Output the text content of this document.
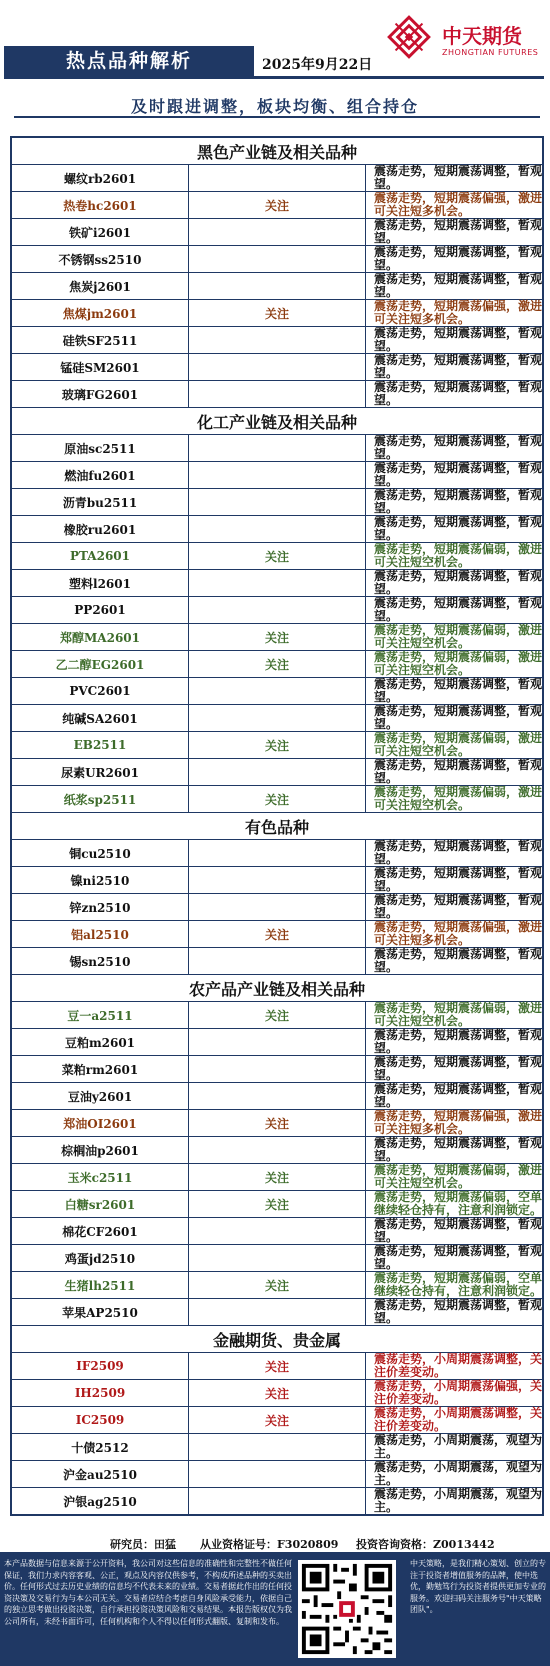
热点品种解析	2025年9月22日
中天期货
ZHONGTIAN FUTURES
及时跟进调整，板块均衡、组合持仓
黑色产业链及相关品种		
螺纹rb2601		震荡走势，短期震荡调整，暂观望。
热卷hc2601	关注	震荡走势，短期震荡偏强，激进可关注短多机会。
铁矿i2601		震荡走势，短期震荡调整，暂观望。
不锈钢ss2510		震荡走势，短期震荡调整，暂观望。
焦炭j2601		震荡走势，短期震荡调整，暂观望。
焦煤jm2601	关注	震荡走势，短期震荡偏强，激进可关注短多机会。
硅铁SF2511		震荡走势，短期震荡调整，暂观望。
锰硅SM2601		震荡走势，短期震荡调整，暂观望。
玻璃FG2601		震荡走势，短期震荡调整，暂观望。
化工产业链及相关品种		
原油sc2511		震荡走势，短期震荡调整，暂观望。
燃油fu2601		震荡走势，短期震荡调整，暂观望。
沥青bu2511		震荡走势，短期震荡调整，暂观望。
橡胶ru2601		震荡走势，短期震荡调整，暂观望。
PTA2601	关注	震荡走势，短期震荡偏弱，激进可关注短空机会。
塑料l2601		震荡走势，短期震荡调整，暂观望。
PP2601		震荡走势，短期震荡调整，暂观望。
郑醇MA2601	关注	震荡走势，短期震荡偏弱，激进可关注短空机会。
乙二醇EG2601	关注	震荡走势，短期震荡偏弱，激进可关注短空机会。
PVC2601		震荡走势，短期震荡调整，暂观望。
纯碱SA2601		震荡走势，短期震荡调整，暂观望。
EB2511	关注	震荡走势，短期震荡偏弱，激进可关注短空机会。
尿素UR2601		震荡走势，短期震荡调整，暂观望。
纸浆sp2511	关注	震荡走势，短期震荡偏弱，激进可关注短空机会。
有色品种		
铜cu2510		震荡走势，短期震荡调整，暂观望。
镍ni2510		震荡走势，短期震荡调整，暂观望。
锌zn2510		震荡走势，短期震荡调整，暂观望。
铝al2510	关注	震荡走势，短期震荡偏强，激进可关注短多机会。
锡sn2510		震荡走势，短期震荡调整，暂观望。
农产品产业链及相关品种		
豆一a2511	关注	震荡走势，短期震荡偏弱，激进可关注短空机会。
豆粕m2601		震荡走势，短期震荡调整，暂观望。
菜粕rm2601		震荡走势，短期震荡调整，暂观望。
豆油y2601		震荡走势，短期震荡调整，暂观望。
郑油OI2601	关注	震荡走势，短期震荡偏强，激进可关注短多机会。
棕榈油p2601		震荡走势，短期震荡调整，暂观望。
玉米c2511	关注	震荡走势，短期震荡偏弱，激进可关注短空机会。
白糖sr2601	关注	震荡走势，短期震荡偏弱，空单继续轻仓持有，注意利润锁定。
棉花CF2601		震荡走势，短期震荡调整，暂观望。
鸡蛋jd2510		震荡走势，短期震荡调整，暂观望。
生猪lh2511	关注	震荡走势，短期震荡偏弱，空单继续轻仓持有，注意利润锁定。
苹果AP2510		震荡走势，短期震荡调整，暂观望。
金融期货、贵金属		
IF2509	关注	震荡走势，小周期震荡调整，关注价差变动。
IH2509	关注	震荡走势，小周期震荡偏强，关注价差变动。
IC2509	关注	震荡走势，小周期震荡调整，关注价差变动。
十债2512		震荡走势，小周期震荡，观望为主。
沪金au2510		震荡走势，小周期震荡，观望为主。
沪银ag2510		震荡走势，小周期震荡，观望为主。
研究员：田猛 从业资格证号：F3020809 投资咨询资格：Z0013442
本产品数据与信息来源于公开资料，我公司对这些信息的准确性和完整性不做任何保证，我们力求内容客观、公正，观点及内容仅供参考，不构成所述品种的买卖出价。任何形式过去历史业绩的信息均不代表未来的业绩。交易者据此作出的任何投资决策及交易行为与本公司无关。交易者应结合考虑自身风险承受能力，依据自己的独立思考做出投资决策，自行承担投资决策风险和交易结果。本报告版权仅为我公司所有，未经书面许可，任何机构和个人不得以任何形式翻版、复制和发布。
中天策略，是我们精心策划、创立的专注于投资者增值服务的品牌，使中选优，勤勉笃行为投资者提供更加专业的服务。欢迎扫码关注服务号"中天策略团队"。
